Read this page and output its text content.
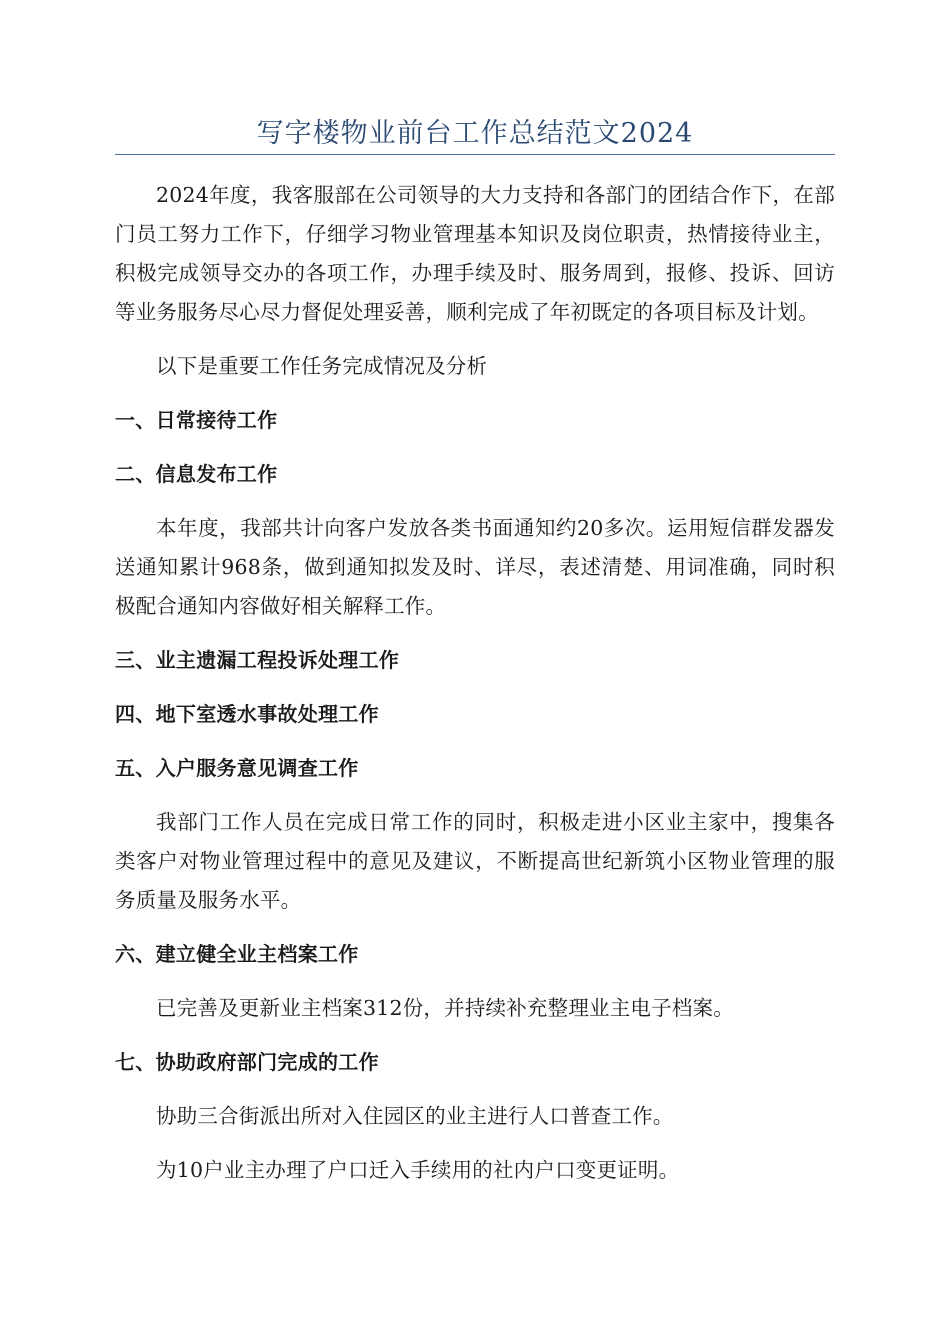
写字楼物业前台工作总结范文2024

2024年度，我客服部在公司领导的大力支持和各部门的团结合作下，在部门员工努力工作下，仔细学习物业管理基本知识及岗位职责，热情接待业主，积极完成领导交办的各项工作，办理手续及时、服务周到，报修、投诉、回访等业务服务尽心尽力督促处理妥善，顺利完成了年初既定的各项目标及计划。

以下是重要工作任务完成情况及分析

一、日常接待工作
二、信息发布工作

本年度，我部共计向客户发放各类书面通知约20多次。运用短信群发器发送通知累计968条，做到通知拟发及时、详尽，表述清楚、用词准确，同时积极配合通知内容做好相关解释工作。

三、业主遗漏工程投诉处理工作
四、地下室透水事故处理工作
五、入户服务意见调查工作

我部门工作人员在完成日常工作的同时，积极走进小区业主家中，搜集各类客户对物业管理过程中的意见及建议，不断提高世纪新筑小区物业管理的服务质量及服务水平。

六、建立健全业主档案工作

已完善及更新业主档案312份，并持续补充整理业主电子档案。

七、协助政府部门完成的工作

协助三合街派出所对入住园区的业主进行人口普查工作。

为10户业主办理了户口迁入手续用的社内户口变更证明。
